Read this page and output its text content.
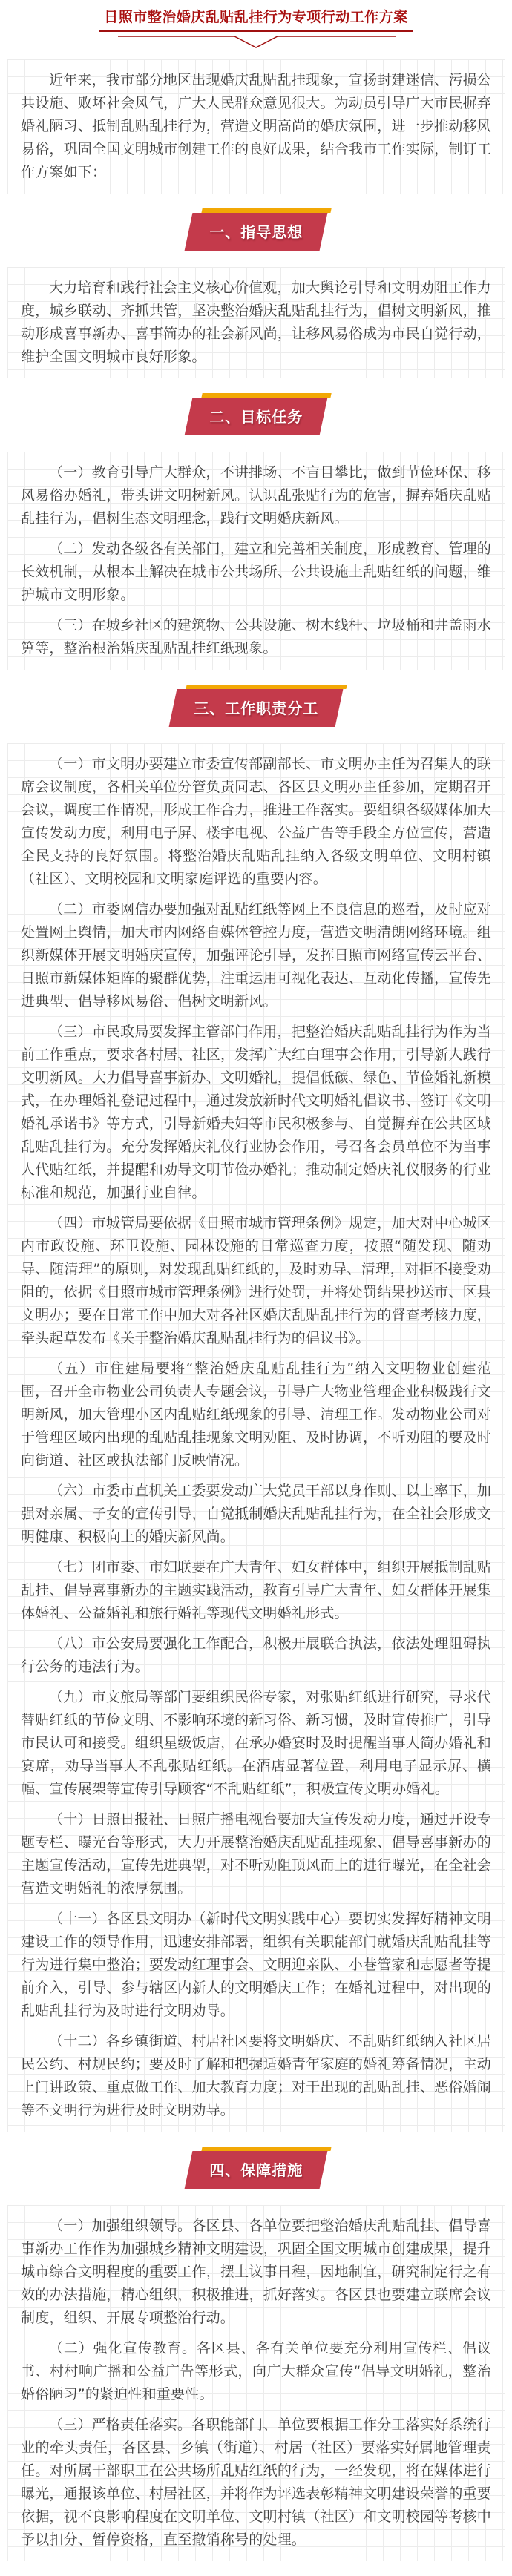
日照市整治婚庆乱贴乱挂行为专项行动工作方案

近年来，我市部分地区出现婚庆乱贴乱挂现象，宣扬封建迷信、污损公共设施、败坏社会风气，广大人民群众意见很大。为动员引导广大市民摒弃婚礼陋习、抵制乱贴乱挂行为，营造文明高尚的婚庆氛围，进一步推动移风易俗，巩固全国文明城市创建工作的良好成果，结合我市工作实际，制订工作方案如下：

一、指导思想

大力培育和践行社会主义核心价值观，加大舆论引导和文明劝阻工作力度，城乡联动、齐抓共管，坚决整治婚庆乱贴乱挂行为，倡树文明新风，推动形成喜事新办、喜事简办的社会新风尚，让移风易俗成为市民自觉行动，维护全国文明城市良好形象。

二、目标任务

（一）教育引导广大群众，不讲排场、不盲目攀比，做到节俭环保、移风易俗办婚礼，带头讲文明树新风。认识乱张贴行为的危害，摒弃婚庆乱贴乱挂行为，倡树生态文明理念，践行文明婚庆新风。

（二）发动各级各有关部门，建立和完善相关制度，形成教育、管理的长效机制，从根本上解决在城市公共场所、公共设施上乱贴红纸的问题，维护城市文明形象。

（三）在城乡社区的建筑物、公共设施、树木线杆、垃圾桶和井盖雨水箅等，整治根治婚庆乱贴乱挂红纸现象。

三、工作职责分工

（一）市文明办要建立市委宣传部副部长、市文明办主任为召集人的联席会议制度，各相关单位分管负责同志、各区县文明办主任参加，定期召开会议，调度工作情况，形成工作合力，推进工作落实。要组织各级媒体加大宣传发动力度，利用电子屏、楼宇电视、公益广告等手段全方位宣传，营造全民支持的良好氛围。将整治婚庆乱贴乱挂纳入各级文明单位、文明村镇（社区）、文明校园和文明家庭评选的重要内容。

（二）市委网信办要加强对乱贴红纸等网上不良信息的巡看，及时应对处置网上舆情，加大市内网络自媒体管控力度，营造文明清朗网络环境。组织新媒体开展文明婚庆宣传，加强评论引导，发挥日照市网络宣传云平台、日照市新媒体矩阵的聚群优势，注重运用可视化表达、互动化传播，宣传先进典型、倡导移风易俗、倡树文明新风。

（三）市民政局要发挥主管部门作用，把整治婚庆乱贴乱挂行为作为当前工作重点，要求各村居、社区，发挥广大红白理事会作用，引导新人践行文明新风。大力倡导喜事新办、文明婚礼，提倡低碳、绿色、节俭婚礼新模式，在办理婚礼登记过程中，通过发放新时代文明婚礼倡议书、签订《文明婚礼承诺书》等方式，引导新婚夫妇等市民积极参与、自觉摒弃在公共区域乱贴乱挂行为。充分发挥婚庆礼仪行业协会作用，号召各会员单位不为当事人代贴红纸，并提醒和劝导文明节俭办婚礼；推动制定婚庆礼仪服务的行业标准和规范，加强行业自律。

（四）市城管局要依据《日照市城市管理条例》规定，加大对中心城区内市政设施、环卫设施、园林设施的日常巡查力度，按照“随发现、随劝导、随清理”的原则，对发现乱贴红纸的，及时劝导、清理，对拒不接受劝阻的，依据《日照市城市管理条例》进行处罚，并将处罚结果抄送市、区县文明办；要在日常工作中加大对各社区婚庆乱贴乱挂行为的督查考核力度，牵头起草发布《关于整治婚庆乱贴乱挂行为的倡议书》。

（五）市住建局要将“整治婚庆乱贴乱挂行为”纳入文明物业创建范围，召开全市物业公司负责人专题会议，引导广大物业管理企业积极践行文明新风，加大管理小区内乱贴红纸现象的引导、清理工作。发动物业公司对于管理区域内出现的乱贴乱挂现象文明劝阻、及时协调，不听劝阻的要及时向街道、社区或执法部门反映情况。

（六）市委市直机关工委要发动广大党员干部以身作则、以上率下，加强对亲属、子女的宣传引导，自觉抵制婚庆乱贴乱挂行为，在全社会形成文明健康、积极向上的婚庆新风尚。

（七）团市委、市妇联要在广大青年、妇女群体中，组织开展抵制乱贴乱挂、倡导喜事新办的主题实践活动，教育引导广大青年、妇女群体开展集体婚礼、公益婚礼和旅行婚礼等现代文明婚礼形式。

（八）市公安局要强化工作配合，积极开展联合执法，依法处理阻碍执行公务的违法行为。

（九）市文旅局等部门要组织民俗专家，对张贴红纸进行研究，寻求代替贴红纸的节俭文明、不影响环境的新习俗、新习惯，及时宣传推广，引导市民认可和接受。组织星级饭店，在承办婚宴时及时提醒当事人简办婚礼和宴席，劝导当事人不乱张贴红纸。在酒店显著位置，利用电子显示屏、横幅、宣传展架等宣传引导顾客“不乱贴红纸”，积极宣传文明办婚礼。

（十）日照日报社、日照广播电视台要加大宣传发动力度，通过开设专题专栏、曝光台等形式，大力开展整治婚庆乱贴乱挂现象、倡导喜事新办的主题宣传活动，宣传先进典型，对不听劝阻顶风而上的进行曝光，在全社会营造文明婚礼的浓厚氛围。

（十一）各区县文明办（新时代文明实践中心）要切实发挥好精神文明建设工作的领导作用，迅速安排部署，组织有关职能部门就婚庆乱贴乱挂等行为进行集中整治；要发动红理事会、文明迎亲队、小巷管家和志愿者等提前介入，引导、参与辖区内新人的文明婚庆工作；在婚礼过程中，对出现的乱贴乱挂行为及时进行文明劝导。

（十二）各乡镇街道、村居社区要将文明婚庆、不乱贴红纸纳入社区居民公约、村规民约；要及时了解和把握适婚青年家庭的婚礼筹备情况，主动上门讲政策、重点做工作、加大教育力度；对于出现的乱贴乱挂、恶俗婚闹等不文明行为进行及时文明劝导。

四、保障措施

（一）加强组织领导。各区县、各单位要把整治婚庆乱贴乱挂、倡导喜事新办工作作为加强城乡精神文明建设，巩固全国文明城市创建成果，提升城市综合文明程度的重要工作，摆上议事日程，因地制宜，研究制定行之有效的办法措施，精心组织，积极推进，抓好落实。各区县也要建立联席会议制度，组织、开展专项整治行动。

（二）强化宣传教育。各区县、各有关单位要充分利用宣传栏、倡议书、村村响广播和公益广告等形式，向广大群众宣传“倡导文明婚礼，整治婚俗陋习”的紧迫性和重要性。

（三）严格责任落实。各职能部门、单位要根据工作分工落实好系统行业的牵头责任，各区县、乡镇（街道）、村居（社区）要落实好属地管理责任。对所属干部职工在公共场所乱贴红纸的行为，一经发现，将在媒体进行曝光，通报该单位、村居社区，并将作为评选表彰精神文明建设荣誉的重要依据，视不良影响程度在文明单位、文明村镇（社区）和文明校园等考核中予以扣分、暂停资格，直至撤销称号的处理。
